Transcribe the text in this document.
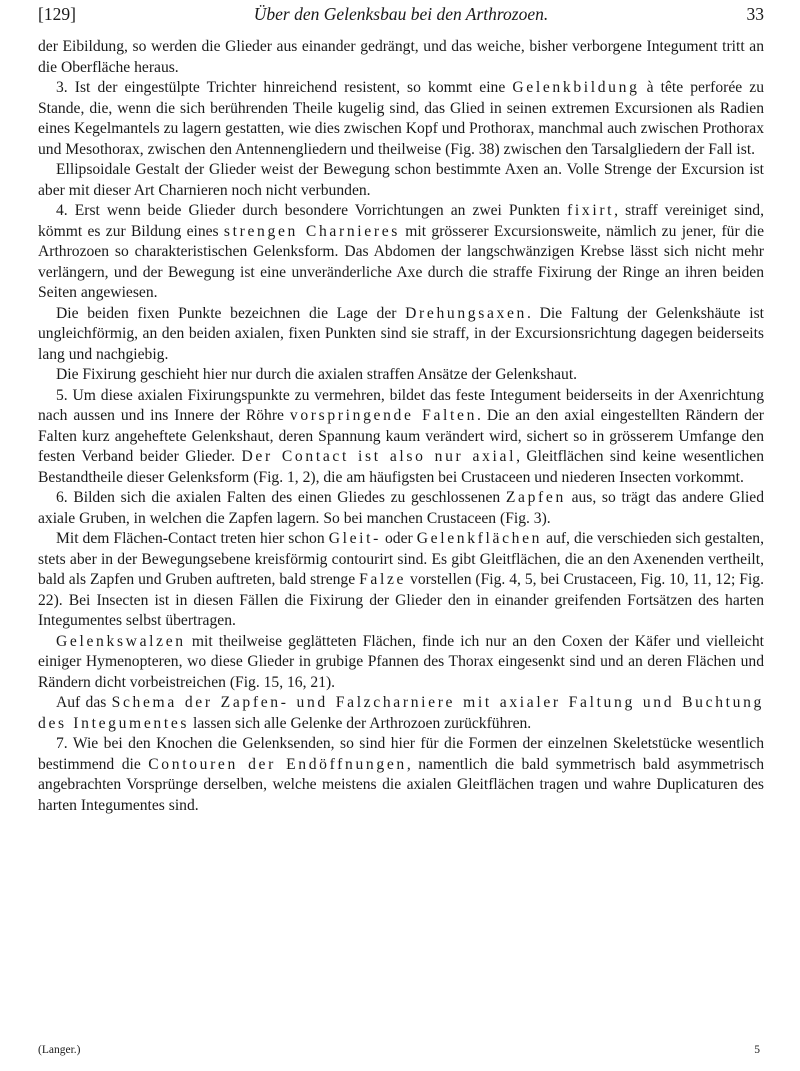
[129]	Über den Gelenksbau bei den Arthrozoen.	33

der Eibildung, so werden die Glieder aus einander gedrängt, und das weiche, bisher verborgene Integument tritt an die Oberfläche heraus.

3. Ist der eingestülpte Trichter hinreichend resistent, so kommt eine Gelenkbildung à tête perforée zu Stande, die, wenn die sich berührenden Theile kugelig sind, das Glied in seinen extremen Excursionen als Radien eines Kegelmantels zu lagern gestatten, wie dies zwischen Kopf und Prothorax, manchmal auch zwischen Prothorax und Mesothorax, zwischen den Antennengliedern und theilweise (Fig. 38) zwischen den Tarsalgliedern der Fall ist.

Ellipsoidale Gestalt der Glieder weist der Bewegung schon bestimmte Axen an. Volle Strenge der Excursion ist aber mit dieser Art Charnieren noch nicht verbunden.

4. Erst wenn beide Glieder durch besondere Vorrichtungen an zwei Punkten fixirt, straff vereiniget sind, kömmt es zur Bildung eines strengen Charnieres mit grösserer Excursionsweite, nämlich zu jener, für die Arthrozoen so charakteristischen Gelenksform. Das Abdomen der langschwänzigen Krebse lässt sich nicht mehr verlängern, und der Bewegung ist eine unveränderliche Axe durch die straffe Fixirung der Ringe an ihren beiden Seiten angewiesen.

Die beiden fixen Punkte bezeichnen die Lage der Drehungsaxen. Die Faltung der Gelenkshäute ist ungleichförmig, an den beiden axialen, fixen Punkten sind sie straff, in der Excursionsrichtung dagegen beiderseits lang und nachgiebig.

Die Fixirung geschieht hier nur durch die axialen straffen Ansätze der Gelenkshaut.

5. Um diese axialen Fixirungspunkte zu vermehren, bildet das feste Integument beiderseits in der Axenrichtung nach aussen und ins Innere der Röhre vorspringende Falten. Die an den axial eingestellten Rändern der Falten kurz angeheftete Gelenkshaut, deren Spannung kaum verändert wird, sichert so in grösserem Umfange den festen Verband beider Glieder. Der Contact ist also nur axial, Gleitflächen sind keine wesentlichen Bestandtheile dieser Gelenksform (Fig. 1, 2), die am häufigsten bei Crustaceen und niederen Insecten vorkommt.

6. Bilden sich die axialen Falten des einen Gliedes zu geschlossenen Zapfen aus, so trägt das andere Glied axiale Gruben, in welchen die Zapfen lagern. So bei manchen Crustaceen (Fig. 3).

Mit dem Flächen-Contact treten hier schon Gleit- oder Gelenkflächen auf, die verschieden sich gestalten, stets aber in der Bewegungsebene kreisförmig contourirt sind. Es gibt Gleitflächen, die an den Axenenden vertheilt, bald als Zapfen und Gruben auftreten, bald strenge Falze vorstellen (Fig. 4, 5, bei Crustaceen, Fig. 10, 11, 12; Fig. 22). Bei Insecten ist in diesen Fällen die Fixirung der Glieder den in einander greifenden Fortsätzen des harten Integumentes selbst übertragen.

Gelenkswalzen mit theilweise geglätteten Flächen, finde ich nur an den Coxen der Käfer und vielleicht einiger Hymenopteren, wo diese Glieder in grubige Pfannen des Thorax eingesenkt sind und an deren Flächen und Rändern dicht vorbeistreichen (Fig. 15, 16, 21).

Auf das Schema der Zapfen- und Falzcharniere mit axialer Faltung und Buchtung des Integumentes lassen sich alle Gelenke der Arthrozoen zurückführen.

7. Wie bei den Knochen die Gelenksenden, so sind hier für die Formen der einzelnen Skeletstücke wesentlich bestimmend die Contouren der Endöffnungen, namentlich die bald symmetrisch bald asymmetrisch angebrachten Vorsprünge derselben, welche meistens die axialen Gleitflächen tragen und wahre Duplicaturen des harten Integumentes sind.

(Langer.)	5
